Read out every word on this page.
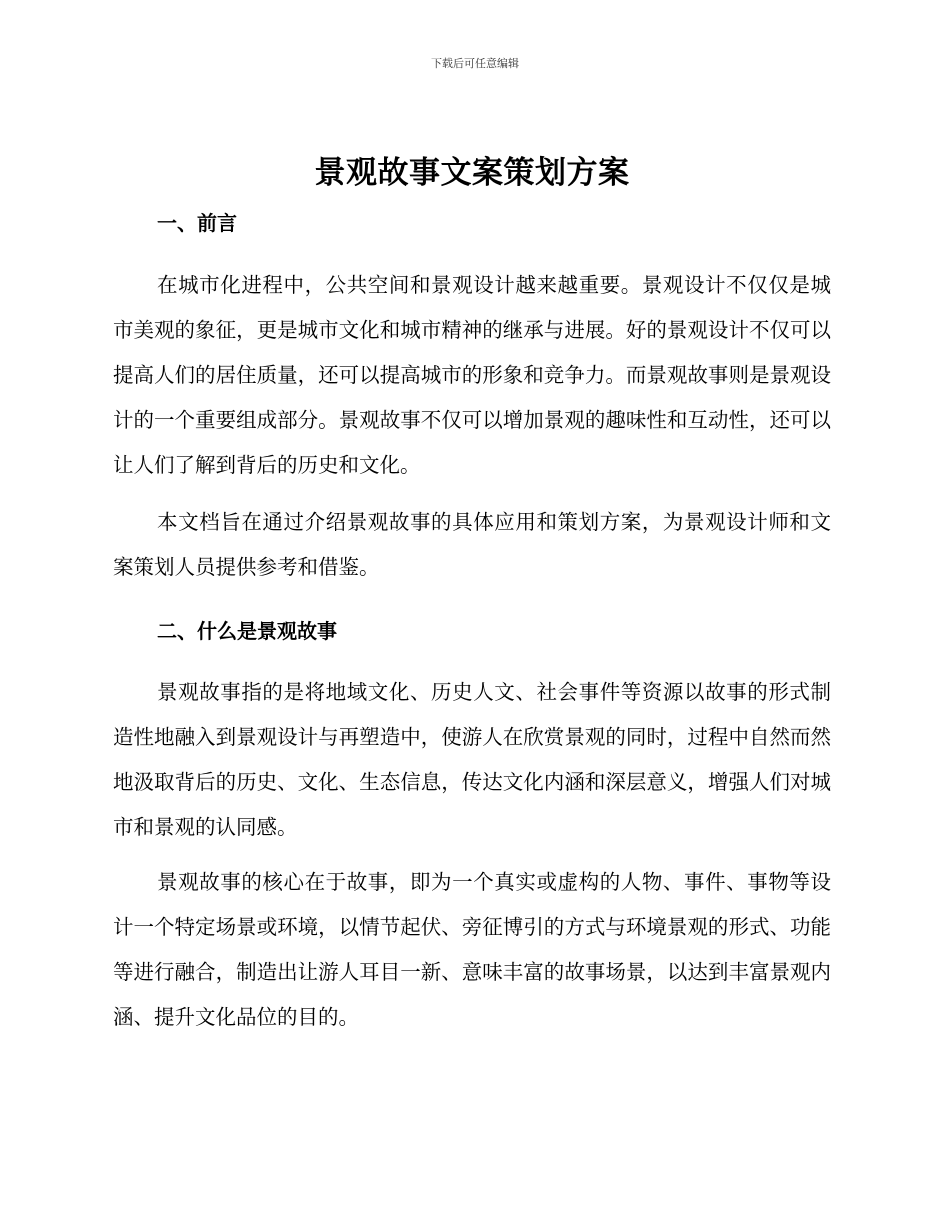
下载后可任意编辑
景观故事文案策划方案
一、前言

在城市化进程中，公共空间和景观设计越来越重要。景观设计不仅仅是城市美观的象征，更是城市文化和城市精神的继承与进展。好的景观设计不仅可以提高人们的居住质量，还可以提高城市的形象和竞争力。而景观故事则是景观设计的一个重要组成部分。景观故事不仅可以增加景观的趣味性和互动性，还可以让人们了解到背后的历史和文化。

本文档旨在通过介绍景观故事的具体应用和策划方案，为景观设计师和文案策划人员提供参考和借鉴。

二、什么是景观故事

景观故事指的是将地域文化、历史人文、社会事件等资源以故事的形式制造性地融入到景观设计与再塑造中，使游人在欣赏景观的同时，过程中自然而然地汲取背后的历史、文化、生态信息，传达文化内涵和深层意义，增强人们对城市和景观的认同感。

景观故事的核心在于故事，即为一个真实或虚构的人物、事件、事物等设计一个特定场景或环境，以情节起伏、旁征博引的方式与环境景观的形式、功能等进行融合，制造出让游人耳目一新、意味丰富的故事场景，以达到丰富景观内涵、提升文化品位的目的。
